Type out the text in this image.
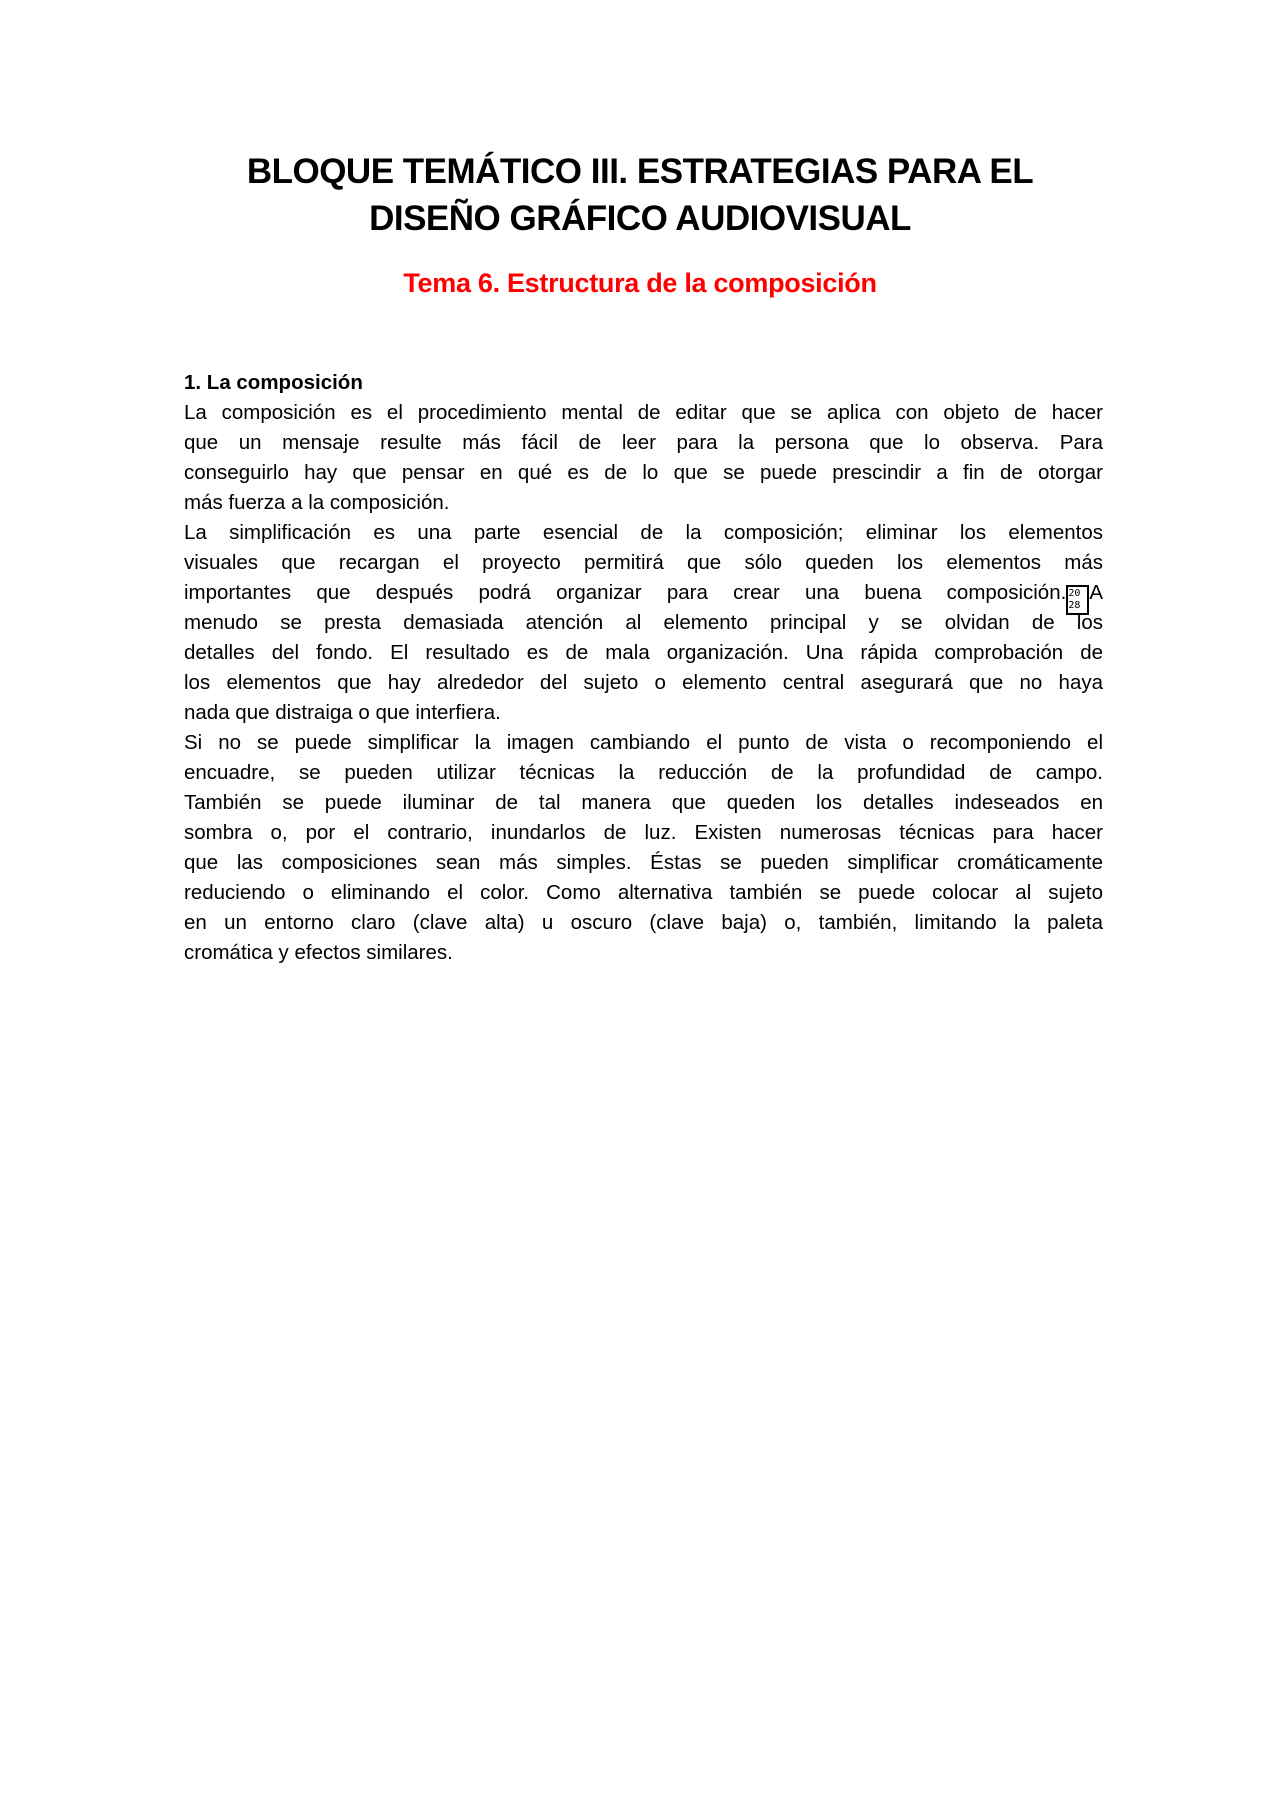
BLOQUE TEMÁTICO III. ESTRATEGIAS PARA EL
DISEÑO GRÁFICO AUDIOVISUAL
Tema 6. Estructura de la composición
1. La composición
La composición es el procedimiento mental de editar que se aplica con objeto de hacer
que un mensaje resulte más fácil de leer para la persona que lo observa. Para
conseguirlo hay que pensar en qué es de lo que se puede prescindir a fin de otorgar
más fuerza a la composición.
La simplificación es una parte esencial de la composición; eliminar los elementos
visuales que recargan el proyecto permitirá que sólo queden los elementos más
importantes que después podrá organizar para crear una buena composición. 20
28A
menudo se presta demasiada atención al elemento principal y se olvidan de los
detalles del fondo. El resultado es de mala organización. Una rápida comprobación de
los elementos que hay alrededor del sujeto o elemento central asegurará que no haya
nada que distraiga o que interfiera.
Si no se puede simplificar la imagen cambiando el punto de vista o recomponiendo el
encuadre, se pueden utilizar técnicas la reducción de la profundidad de campo.
También se puede iluminar de tal manera que queden los detalles indeseados en
sombra o, por el contrario, inundarlos de luz. Existen numerosas técnicas para hacer
que las composiciones sean más simples. Éstas se pueden simplificar cromáticamente
reduciendo o eliminando el color. Como alternativa también se puede colocar al sujeto
en un entorno claro (clave alta) u oscuro (clave baja) o, también, limitando la paleta
cromática y efectos similares.
